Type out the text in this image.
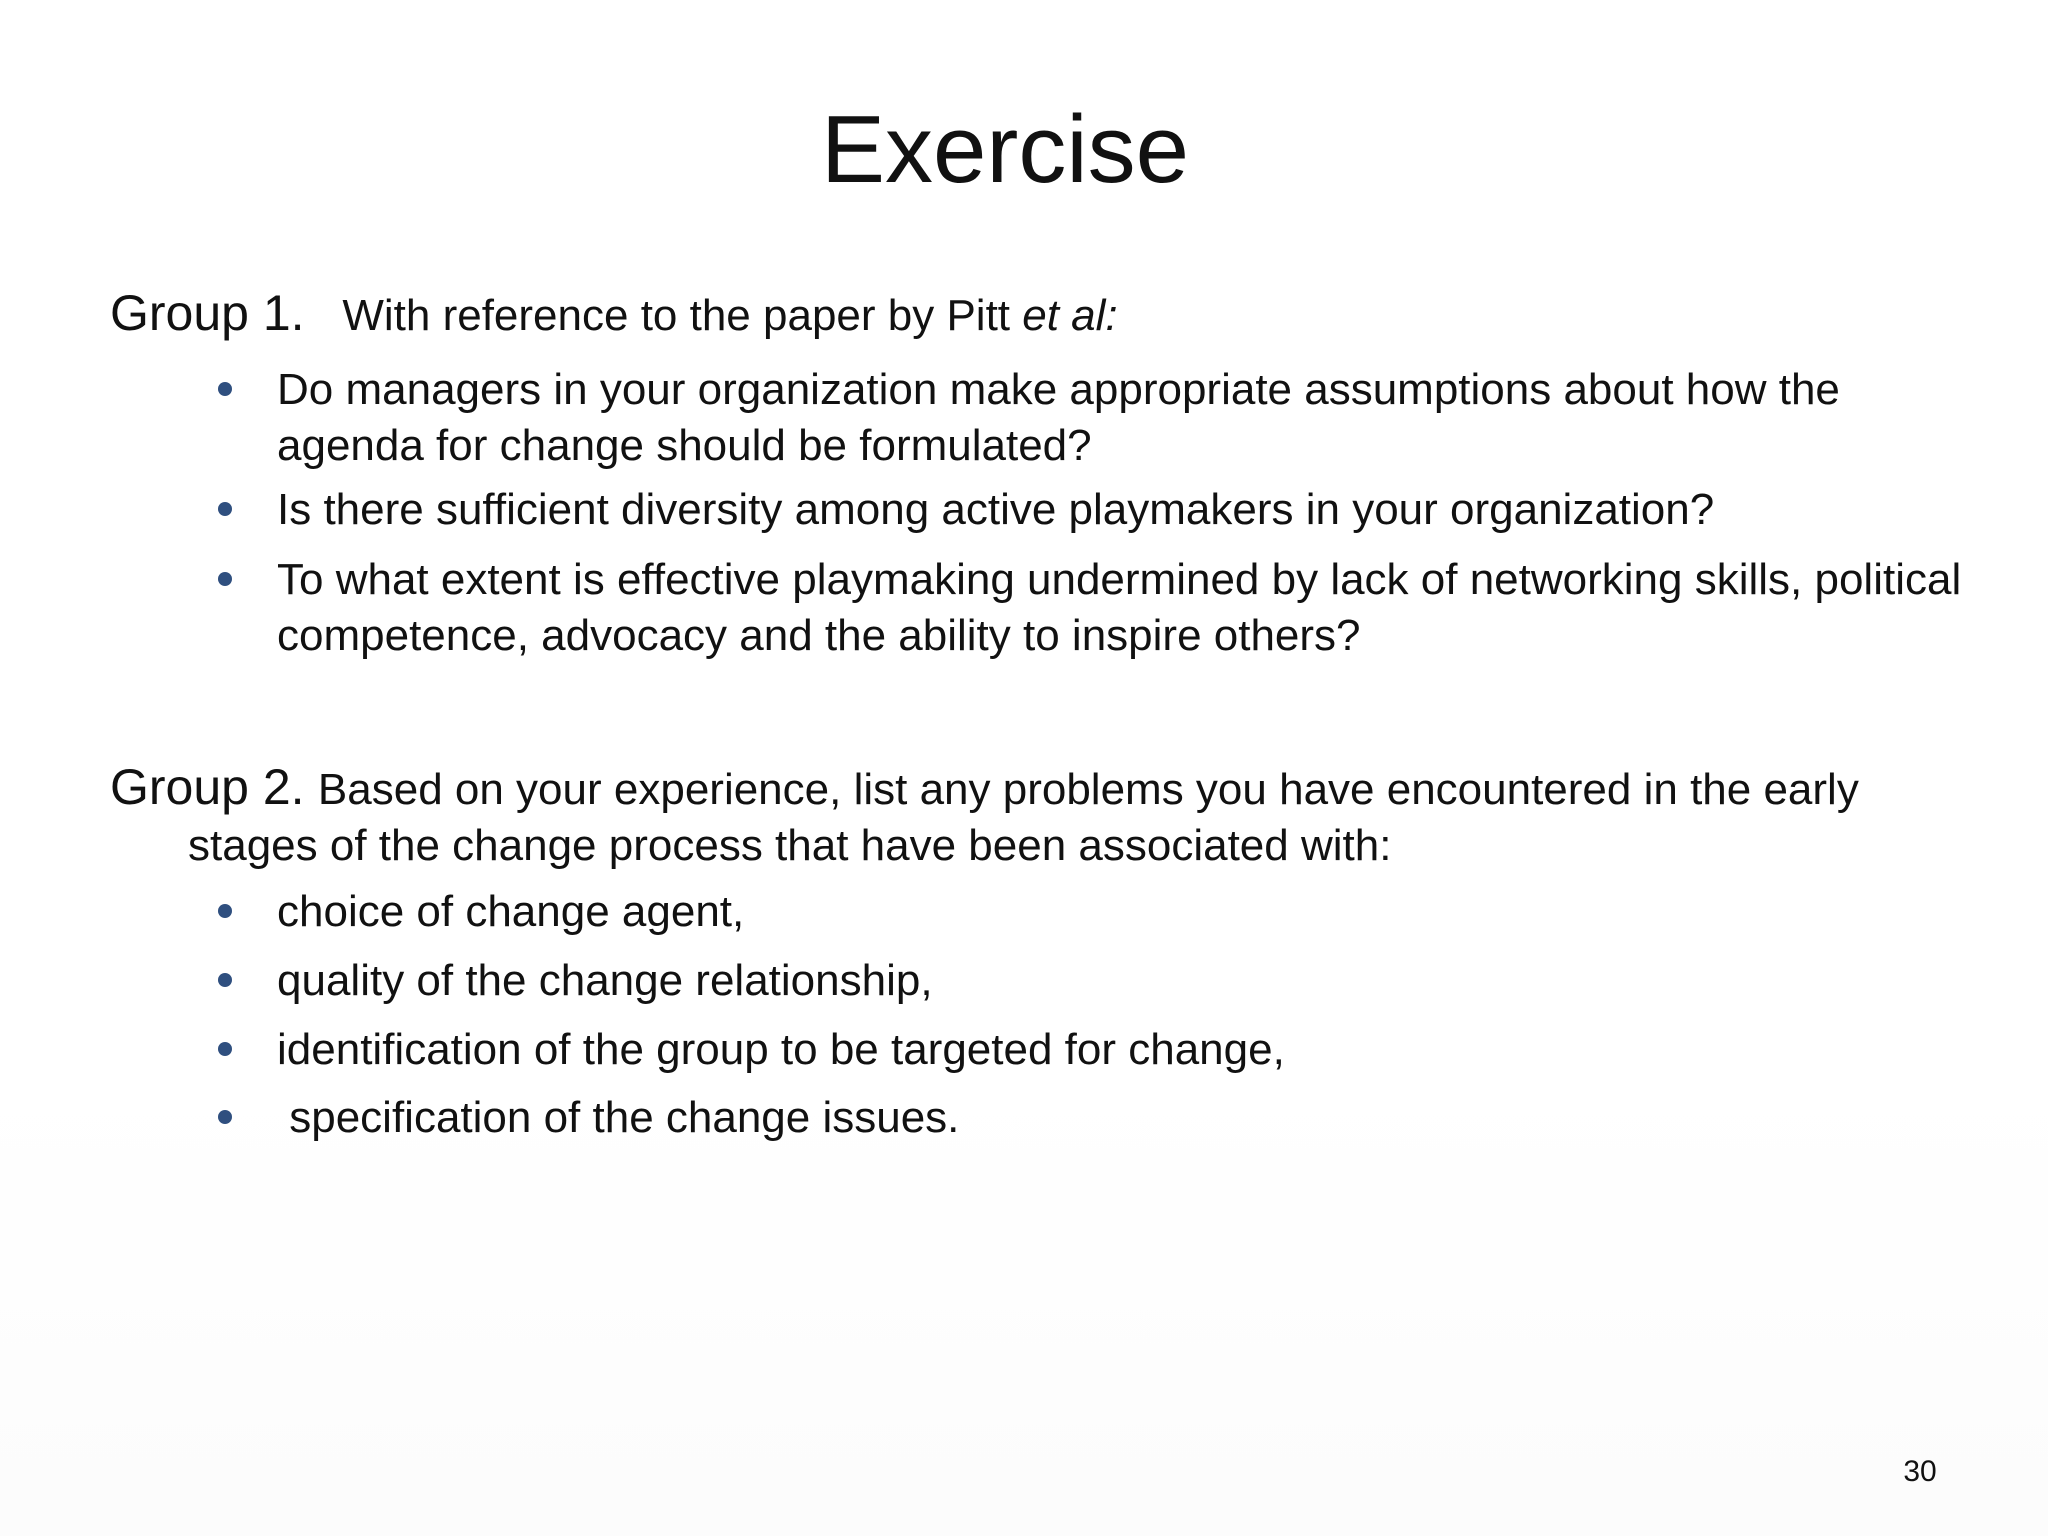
Exercise
Group 1. With reference to the paper by Pitt et al:
Do managers in your organization make appropriate assumptions about how the agenda for change should be formulated?
Is there sufficient diversity among active playmakers in your organization?
To what extent is effective playmaking undermined by lack of networking skills, political competence, advocacy and the ability to inspire others?
Group 2. Based on your experience, list any problems you have encountered in the early
stages of the change process that have been associated with:
choice of change agent,
quality of the change relationship,
identification of the group to be targeted for change,
specification of the change issues.
30
